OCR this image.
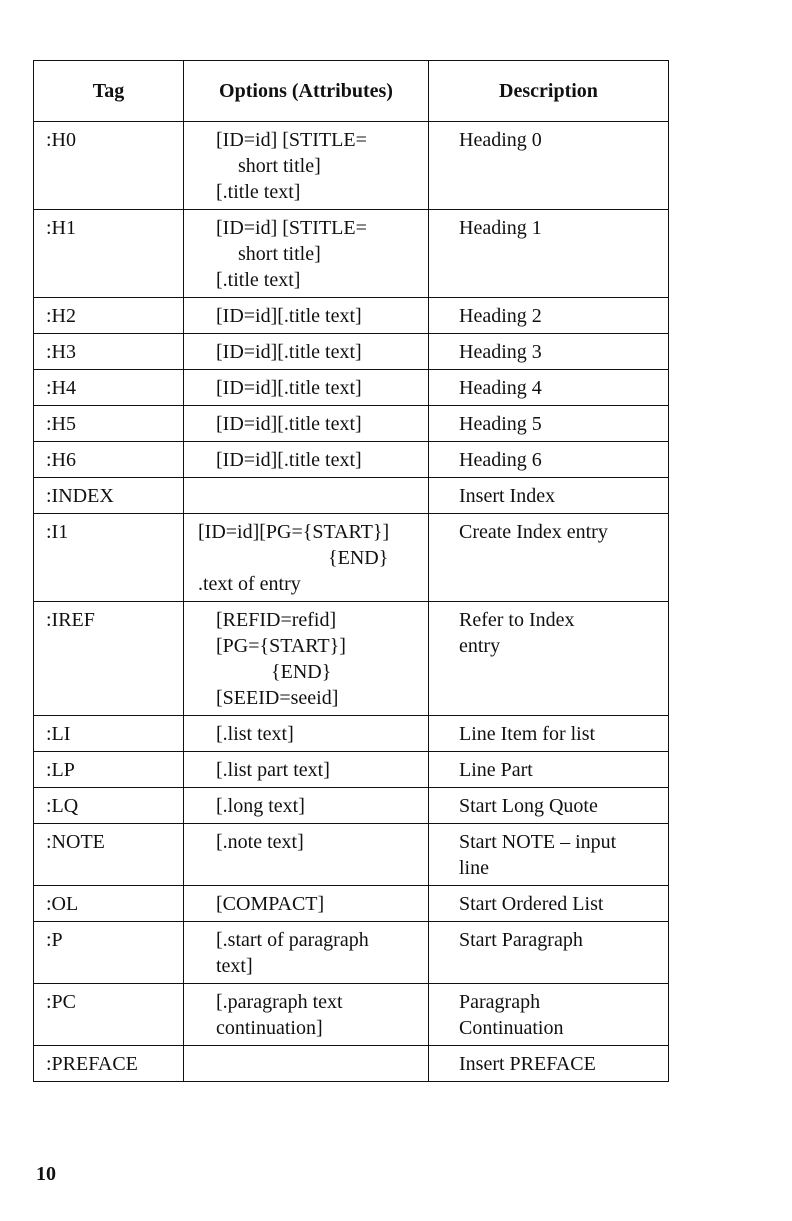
Tag	Options (Attributes)	Description
:H0	[ID=id] [STITLE=
short title]
[.title text]	Heading 0

:H1	[ID=id] [STITLE=
short title]
[.title text]	Heading 1

:H2	[ID=id][.title text]	Heading 2

:H3	[ID=id][.title text]	Heading 3

:H4	[ID=id][.title text]	Heading 4

:H5	[ID=id][.title text]	Heading 5

:H6	[ID=id][.title text]	Heading 6

:INDEX		Insert Index

:I1	[ID=id][PG={START}]
{END}
.text of entry	Create Index entry

:IREF	[REFID=refid]
[PG={START}]
{END}
[SEEID=seeid]	Refer to Index
entry

:LI	[.list text]	Line Item for list

:LP	[.list part text]	Line Part

:LQ	[.long text]	Start Long Quote

:NOTE	[.note text]	Start NOTE – input
line

:OL	[COMPACT]	Start Ordered List

:P	[.start of paragraph
text]	Start Paragraph

:PC	[.paragraph text
continuation]	Paragraph
Continuation

:PREFACE		Insert PREFACE
10
